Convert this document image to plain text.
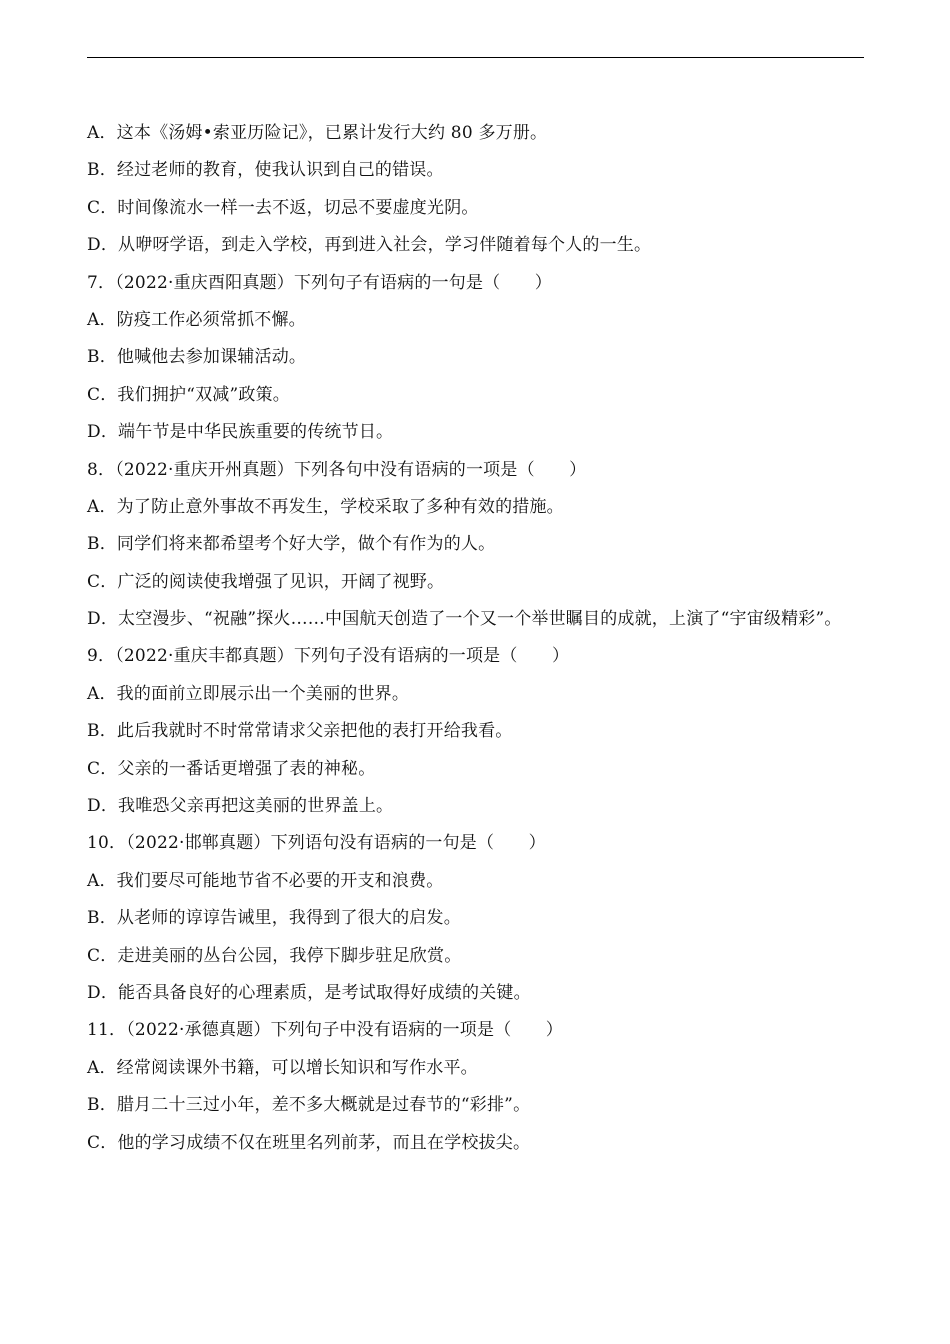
A．这本《汤姆•索亚历险记》，已累计发行大约 80 多万册。
B．经过老师的教育，使我认识到自己的错误。
C．时间像流水一样一去不返，切忌不要虚度光阴。
D．从咿呀学语，到走入学校，再到进入社会，学习伴随着每个人的一生。
7．（2022·重庆酉阳真题）下列句子有语病的一句是（　　）
A．防疫工作必须常抓不懈。
B．他喊他去参加课辅活动。
C．我们拥护“双减”政策。
D．端午节是中华民族重要的传统节日。
8．（2022·重庆开州真题）下列各句中没有语病的一项是（　　）
A．为了防止意外事故不再发生，学校采取了多种有效的措施。
B．同学们将来都希望考个好大学，做个有作为的人。
C．广泛的阅读使我增强了见识，开阔了视野。
D．太空漫步、“祝融”探火……中国航天创造了一个又一个举世瞩目的成就，上演了“宇宙级精彩”。
9．（2022·重庆丰都真题）下列句子没有语病的一项是（　　）
A．我的面前立即展示出一个美丽的世界。
B．此后我就时不时常常请求父亲把他的表打开给我看。
C．父亲的一番话更增强了表的神秘。
D．我唯恐父亲再把这美丽的世界盖上。
10．（2022·邯郸真题）下列语句没有语病的一句是（　　）
A．我们要尽可能地节省不必要的开支和浪费。
B．从老师的谆谆告诫里，我得到了很大的启发。
C．走进美丽的丛台公园，我停下脚步驻足欣赏。
D．能否具备良好的心理素质，是考试取得好成绩的关键。
11．（2022·承德真题）下列句子中没有语病的一项是（　　）
A．经常阅读课外书籍，可以增长知识和写作水平。
B．腊月二十三过小年，差不多大概就是过春节的“彩排”。
C．他的学习成绩不仅在班里名列前茅，而且在学校拔尖。
